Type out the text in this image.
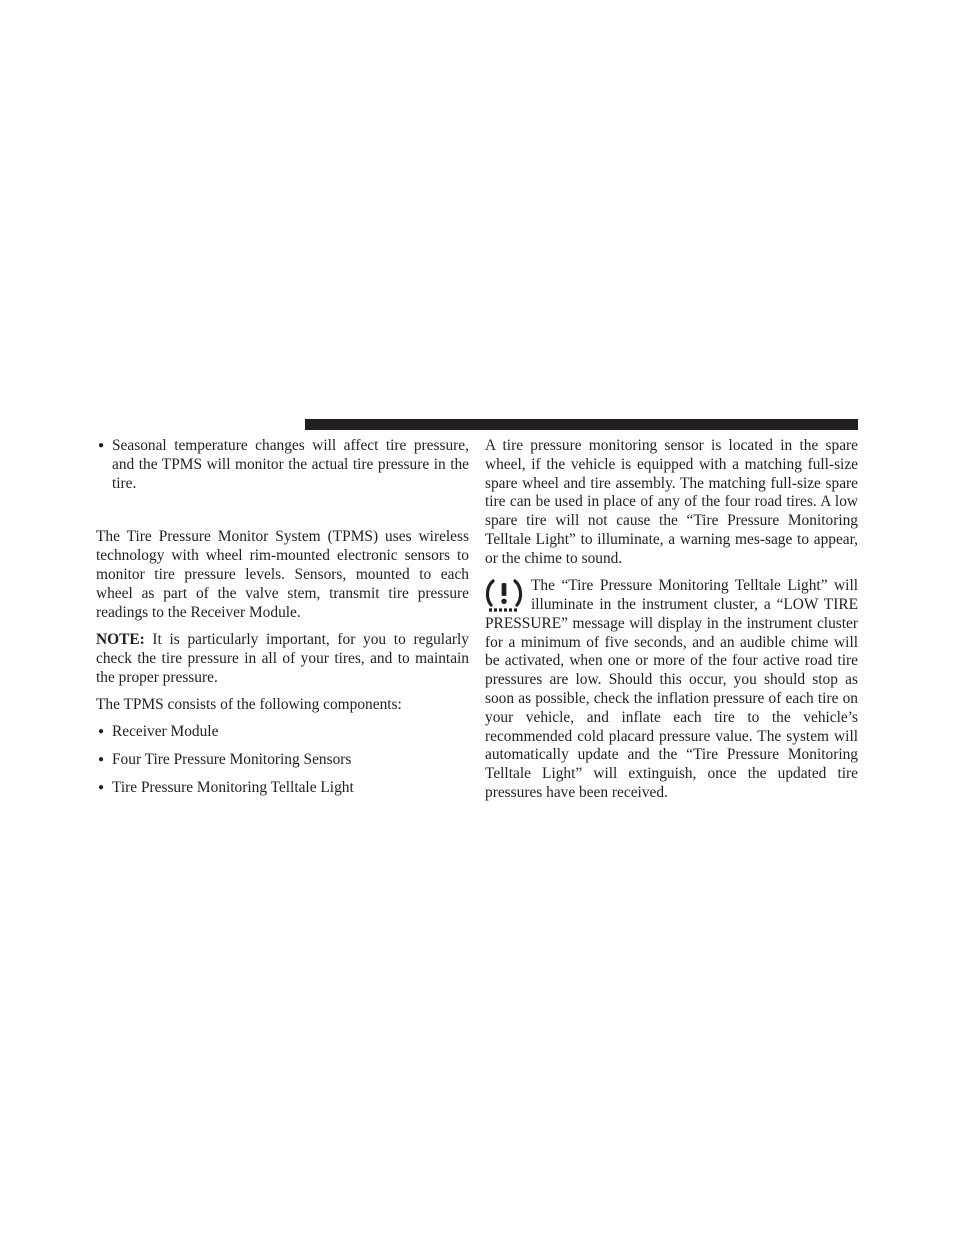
● Seasonal temperature changes will affect tire pressure, and the TPMS will monitor the actual tire pressure in the tire.

The Tire Pressure Monitor System (TPMS) uses wireless technology with wheel rim-mounted electronic sensors to monitor tire pressure levels. Sensors, mounted to each wheel as part of the valve stem, transmit tire pressure readings to the Receiver Module.

NOTE: It is particularly important, for you to regularly check the tire pressure in all of your tires, and to maintain the proper pressure.

The TPMS consists of the following components:

● Receiver Module
● Four Tire Pressure Monitoring Sensors
● Tire Pressure Monitoring Telltale Light

A tire pressure monitoring sensor is located in the spare wheel, if the vehicle is equipped with a matching full-size spare wheel and tire assembly. The matching full-size spare tire can be used in place of any of the four road tires. A low spare tire will not cause the “Tire Pressure Monitoring Telltale Light” to illuminate, a warning mes-sage to appear, or the chime to sound.

The “Tire Pressure Monitoring Telltale Light” will illuminate in the instrument cluster, a “LOW TIRE PRESSURE” message will display in the instrument cluster for a minimum of five seconds, and an audible chime will be activated, when one or more of the four active road tire pressures are low. Should this occur, you should stop as soon as possible, check the inflation pressure of each tire on your vehicle, and inflate each tire to the vehicle’s recommended cold placard pressure value. The system will automatically update and the “Tire Pressure Monitoring Telltale Light” will extinguish, once the updated tire pressures have been received.
